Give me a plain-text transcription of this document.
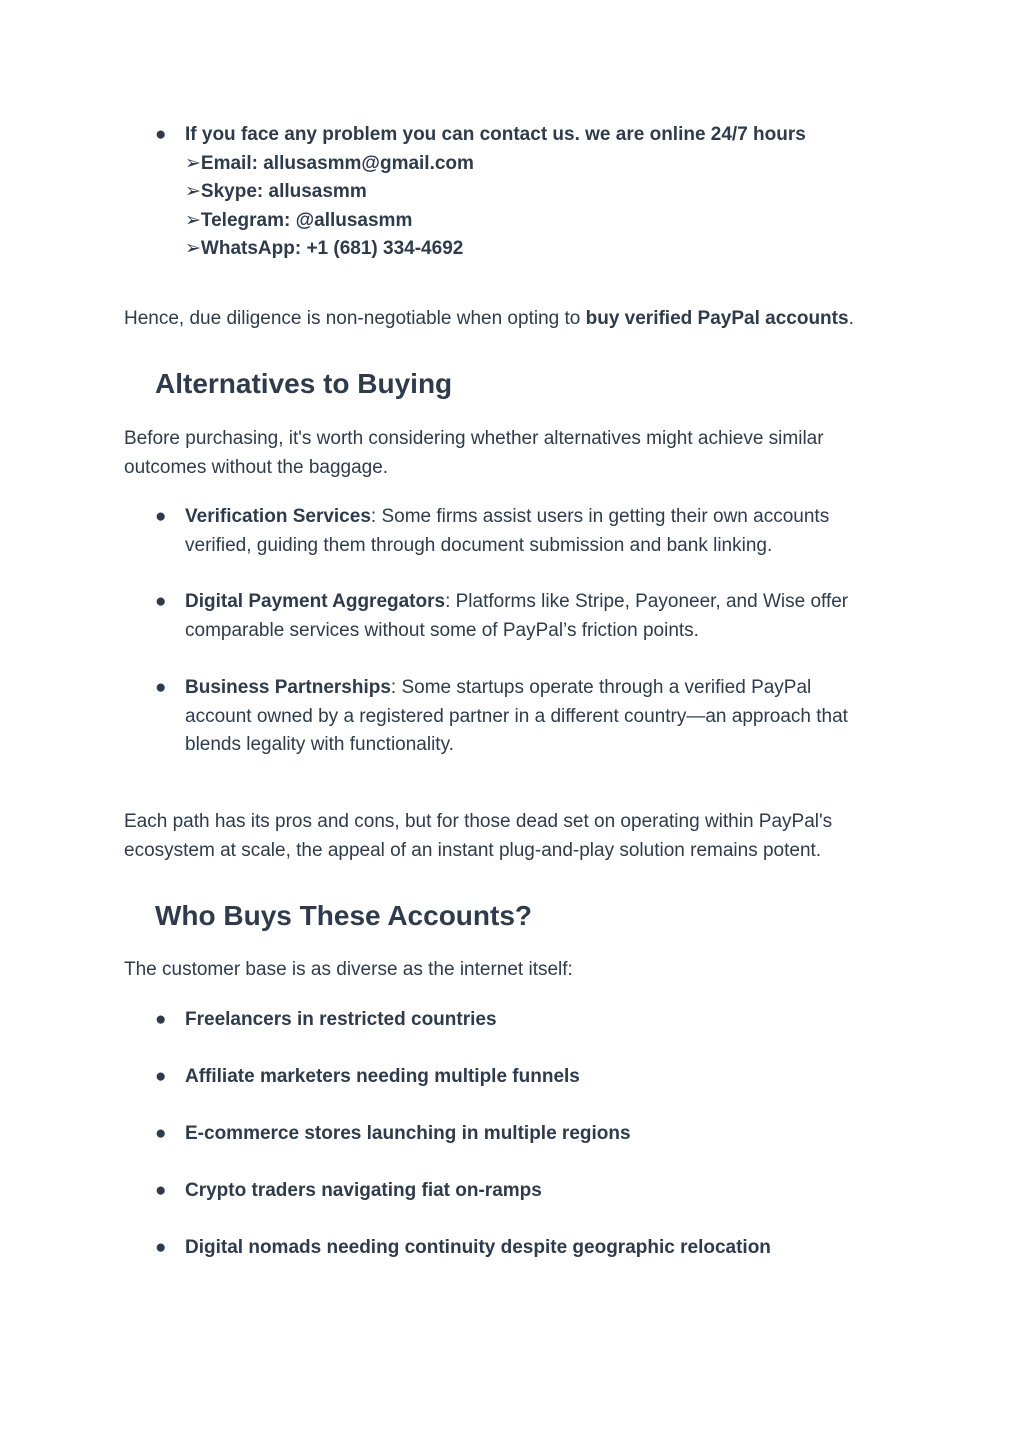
● If you face any problem you can contact us. we are online 24/7 hours
➢Email: allusasmm@gmail.com
➢Skype: allusasmm
➢Telegram: @allusasmm
➢WhatsApp: +1 (681) 334-4692
Hence, due diligence is non-negotiable when opting to buy verified PayPal accounts.
Alternatives to Buying
Before purchasing, it's worth considering whether alternatives might achieve similar outcomes without the baggage.
● Verification Services: Some firms assist users in getting their own accounts verified, guiding them through document submission and bank linking.
● Digital Payment Aggregators: Platforms like Stripe, Payoneer, and Wise offer comparable services without some of PayPal’s friction points.
● Business Partnerships: Some startups operate through a verified PayPal account owned by a registered partner in a different country—an approach that blends legality with functionality.
Each path has its pros and cons, but for those dead set on operating within PayPal's ecosystem at scale, the appeal of an instant plug-and-play solution remains potent.
Who Buys These Accounts?
The customer base is as diverse as the internet itself:
● Freelancers in restricted countries
● Affiliate marketers needing multiple funnels
● E-commerce stores launching in multiple regions
● Crypto traders navigating fiat on-ramps
● Digital nomads needing continuity despite geographic relocation
